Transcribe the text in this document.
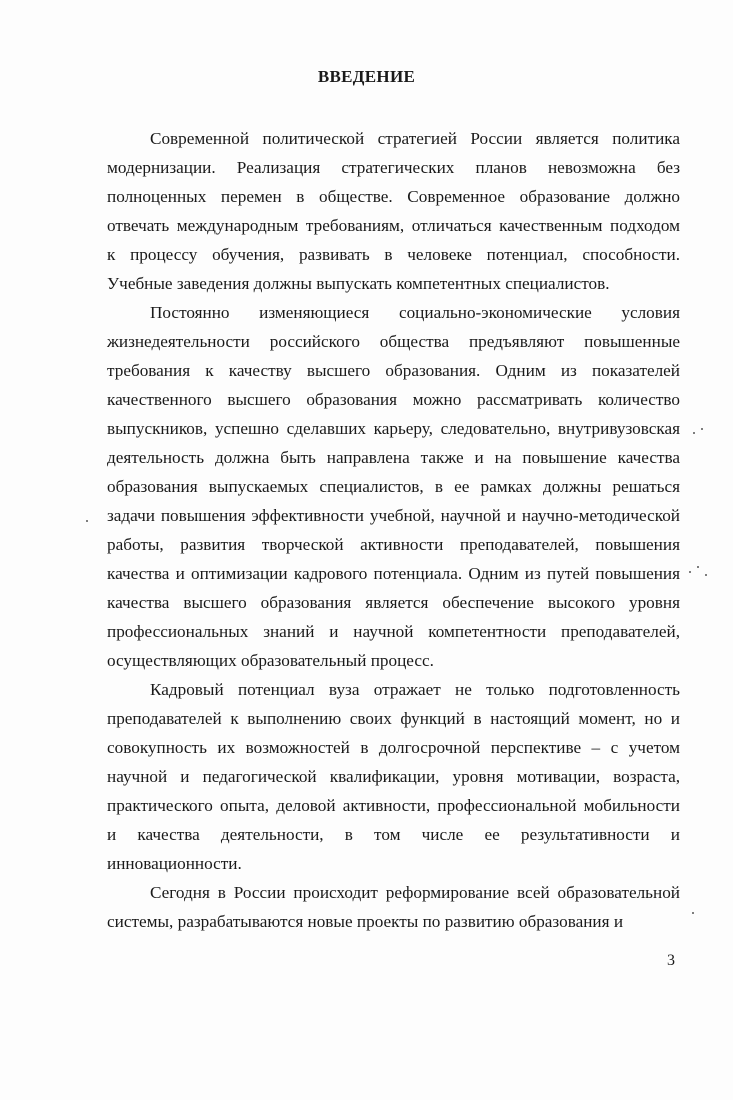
ВВЕДЕНИЕ
Современной политической стратегией России является политика
модернизации. Реализация стратегических планов невозможна без
полноценных перемен в обществе. Современное образование должно
отвечать международным требованиям, отличаться качественным подходом
к процессу обучения, развивать в человеке потенциал, способности.
Учебные заведения должны выпускать компетентных специалистов.
Постоянно изменяющиеся социально-экономические условия
жизнедеятельности российского общества предъявляют повышенные
требования к качеству высшего образования. Одним из показателей
качественного высшего образования можно рассматривать количество
выпускников, успешно сделавших карьеру, следовательно, внутривузовская
деятельность должна быть направлена также и на повышение качества
образования выпускаемых специалистов, в ее рамках должны решаться
задачи повышения эффективности учебной, научной и научно-методической
работы, развития творческой активности преподавателей, повышения
качества и оптимизации кадрового потенциала. Одним из путей повышения
качества высшего образования является обеспечение высокого уровня
профессиональных знаний и научной компетентности преподавателей,
осуществляющих образовательный процесс.
Кадровый потенциал вуза отражает не только подготовленность
преподавателей к выполнению своих функций в настоящий момент, но и
совокупность их возможностей в долгосрочной перспективе – с учетом
научной и педагогической квалификации, уровня мотивации, возраста,
практического опыта, деловой активности, профессиональной мобильности
и качества деятельности, в том числе ее результативности и
инновационности.
Сегодня в России происходит реформирование всей образовательной
системы, разрабатываются новые проекты по развитию образования и
3
